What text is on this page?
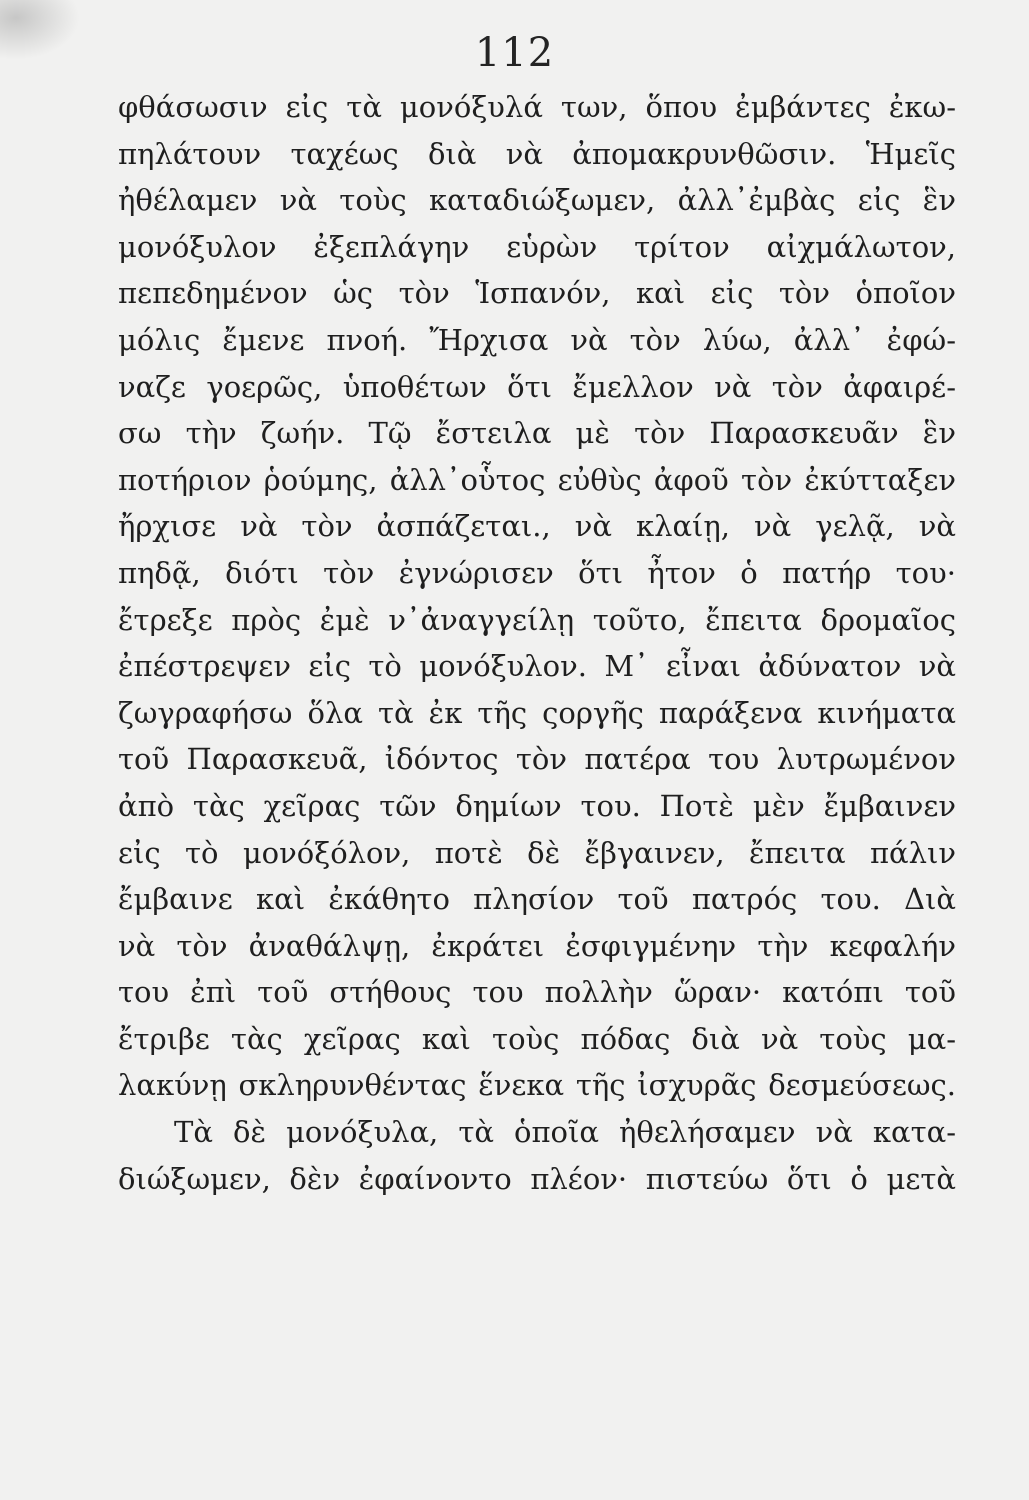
112
φθάσωσιν εἰς τὰ μονόξυλά των, ὅπου ἐμβάντες ἐκω-
πηλάτουν ταχέως διὰ νὰ ἀπομακρυνθῶσιν. Ἡμεῖς
ἠθέλαμεν νὰ τοὺς καταδιώξωμεν, ἀλλ᾽ἐμβὰς εἰς ἓν
μονόξυλον ἐξεπλάγην εὑρὼν τρίτον αἰχμάλωτον,
πεπεδημένον ὡς τὸν Ἱσπανόν, καὶ εἰς τὸν ὁποῖον
μόλις ἔμενε πνοή. Ἤρχισα νὰ τὸν λύω, ἀλλ᾽ ἐφώ-
ναζε γοερῶς, ὑποθέτων ὅτι ἔμελλον νὰ τὸν ἀφαιρέ-
σω τὴν ζωήν. Τῷ ἔστειλα μὲ τὸν Παρασκευᾶν ἓν
ποτήριον ῥούμης, ἀλλ᾽οὗτος εὐθὺς ἀφοῦ τὸν ἐκύτταξεν
ἤρχισε νὰ τὸν ἀσπάζεται., νὰ κλαίῃ, νὰ γελᾷ, νὰ
πηδᾷ, διότι τὸν ἐγνώρισεν ὅτι ἦτον ὁ πατήρ του·
ἔτρεξε πρὸς ἐμὲ ν᾽ἀναγγείλῃ τοῦτο, ἔπειτα δρομαῖος
ἐπέστρεψεν εἰς τὸ μονόξυλον. Μ᾽ εἶναι ἀδύνατον νὰ
ζωγραφήσω ὅλα τὰ ἐκ τῆς ςοργῆς παράξενα κινήματα
τοῦ Παρασκευᾶ, ἰδόντος τὸν πατέρα του λυτρωμένον
ἀπὸ τὰς χεῖρας τῶν δημίων του. Ποτὲ μὲν ἔμβαινεν
εἰς τὸ μονόξόλον, ποτὲ δὲ ἔβγαινεν, ἔπειτα πάλιν
ἔμβαινε καὶ ἐκάθητο πλησίον τοῦ πατρός του. Διὰ
νὰ τὸν ἀναθάλψῃ, ἐκράτει ἐσφιγμένην τὴν κεφαλήν
του ἐπὶ τοῦ στήθους του πολλὴν ὥραν· κατόπι τοῦ
ἔτριβε τὰς χεῖρας καὶ τοὺς πόδας διὰ νὰ τοὺς μα-
λακύνῃ σκληρυνθέντας ἕνεκα τῆς ἰσχυρᾶς δεσμεύσεως.
Τὰ δὲ μονόξυλα, τὰ ὁποῖα ἠθελήσαμεν νὰ κατα-
διώξωμεν, δὲν ἐφαίνοντο πλέον· πιστεύω ὅτι ὁ μετὰ
